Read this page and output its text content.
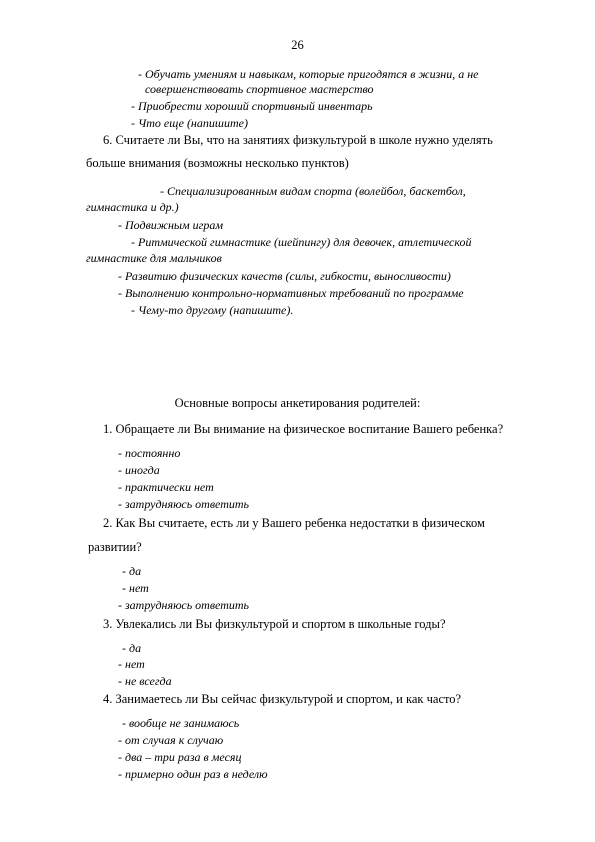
26
- Обучать умениям и навыкам, которые пригодятся в жизни, а не
совершенствовать спортивное мастерство
- Приобрести хороший спортивный инвентарь
- Что еще (напишите)
6. Считаете ли Вы, что на занятиях физкультурой в школе нужно уделять
больше внимания (возможны несколько пунктов)
- Специализированным видам спорта (волейбол, баскетбол,
гимнастика и др.)
- Подвижным играм
- Ритмической гимнастике (шейпингу) для девочек, атлетической
гимнастике для мальчиков
- Развитию физических качеств (силы, гибкости, выносливости)
- Выполнению контрольно-нормативных требований по программе
- Чему-то другому (напишите).
Основные вопросы анкетирования родителей:
1. Обращаете ли Вы внимание на физическое воспитание Вашего ребенка?
- постоянно
- иногда
- практически нет
- затрудняюсь ответить
2. Как Вы считаете, есть ли у Вашего ребенка недостатки в физическом
развитии?
- да
- нет
- затрудняюсь ответить
3. Увлекались ли Вы физкультурой и спортом в школьные годы?
- да
- нет
- не всегда
4. Занимаетесь ли Вы сейчас физкультурой и спортом, и как часто?
- вообще не занимаюсь
- от случая к случаю
- два – три раза в месяц
- примерно один раз в неделю
